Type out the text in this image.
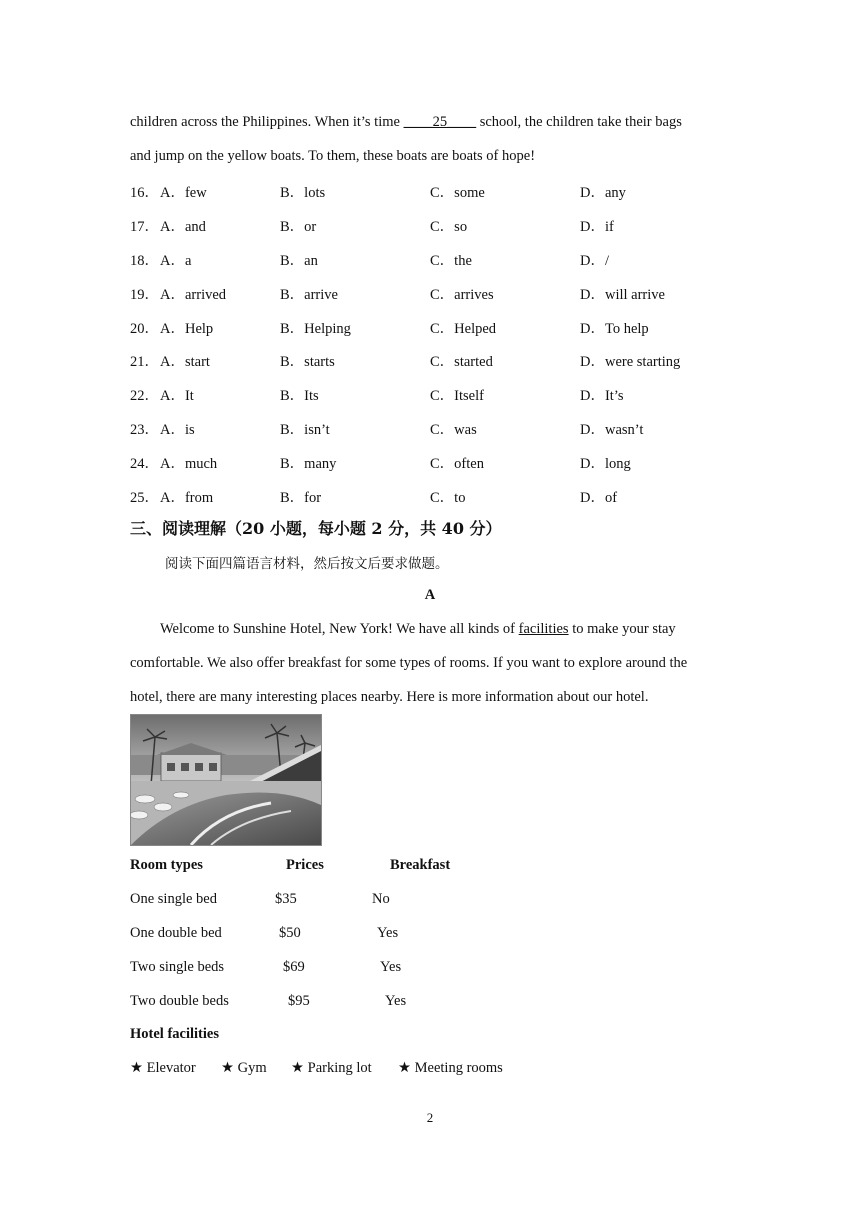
children across the Philippines. When it’s time ____25____ school, the children take their bags
and jump on the yellow boats. To them, these boats are boats of hope!
16． A．few	B．lots	C．some	D．any
17． A．and	B．or	C．so	D．if
18． A．a	B．an	C．the	D．/
19． A．arrived	B．arrive	C．arrives	D．will arrive
20． A．Help	B．Helping	C．Helped	D．To help
21． A．start	B．starts	C．started	D．were starting
22． A．It	B．Its	C．Itself	D．It’s
23． A．is	B．isn’t	C．was	D．wasn’t
24． A．much	B．many	C．often	D．long
25． A．from	B．for	C．to	D．of
三、阅读理解（20 小题，每小题 2 分，共 40 分）
阅读下面四篇语言材料，然后按文后要求做题。
A
Welcome to Sunshine Hotel, New York! We have all kinds of facilities to make your stay
comfortable. We also offer breakfast for some types of rooms. If you want to explore around the
hotel, there are many interesting places nearby. Here is more information about our hotel.
Room types	Prices	Breakfast
One single bed	$35	No
One double bed	$50	Yes
Two single beds	$69	Yes
Two double beds	$95	Yes
Hotel facilities
★ Elevator ★ Gym ★ Parking lot ★ Meeting rooms
2
